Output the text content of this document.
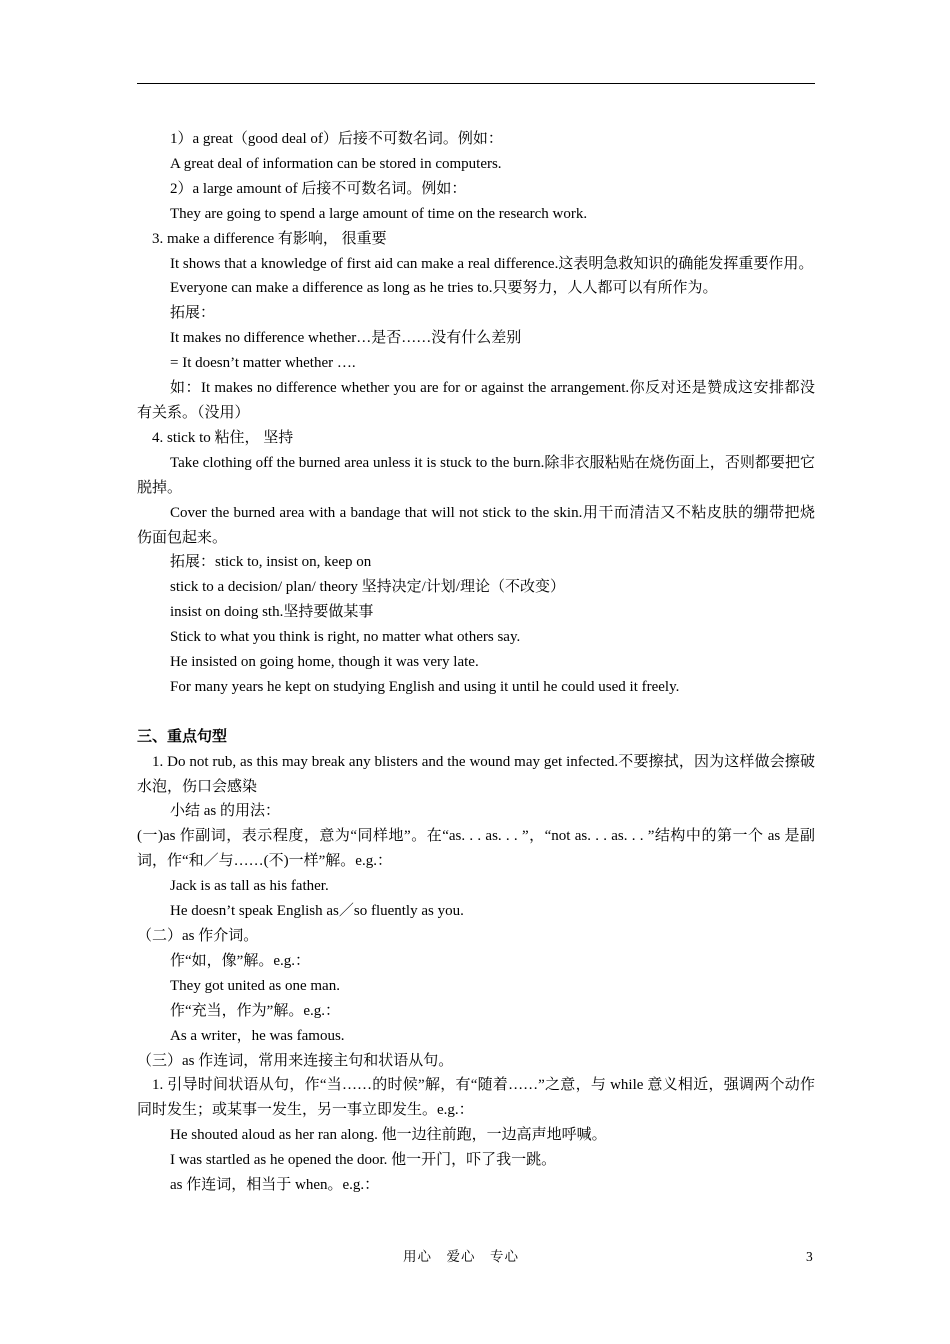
1）a great（good deal of）后接不可数名词。例如：

A great deal of information can be stored in computers.

2）a large amount of 后接不可数名词。例如：

They are going to spend a large amount of time on the research work.

3. make a difference 有影响， 很重要

It shows that a knowledge of first aid can make a real difference.这表明急救知识的确能发挥重要作用。

Everyone can make a difference as long as he tries to.只要努力，人人都可以有所作为。

拓展：

It makes no difference whether…是否……没有什么差别

= It doesn’t matter whether ….

如：It makes no difference whether you are for or against the arrangement.你反对还是赞成这安排都没有关系。（没用）

4. stick to 粘住， 坚持

Take clothing off the burned area unless it is stuck to the burn.除非衣服粘贴在烧伤面上，否则都要把它脱掉。

Cover the burned area with a bandage that will not stick to the skin.用干而清洁又不粘皮肤的绷带把烧伤面包起来。

拓展：stick to, insist on, keep on

stick to a decision/ plan/ theory 坚持决定/计划/理论（不改变）

insist on doing sth.坚持要做某事

Stick to what you think is right, no matter what others say.

He insisted on going home, though it was very late.

For many years he kept on studying English and using it until he could used it freely.

三、重点句型

1. Do not rub, as this may break any blisters and the wound may get infected.不要擦拭，因为这样做会擦破水泡，伤口会感染

小结 as 的用法：

(一)as 作副词，表示程度，意为“同样地”。在“as. . . as. . . ”，“not as. . . as. . . ”结构中的第一个 as 是副词，作“和／与……(不)一样”解。e.g.：

Jack is as tall as his father.

He doesn’t speak English as／so fluently as you.

（二）as 作介词。

作“如，像”解。e.g.：

They got united as one man.

作“充当，作为”解。e.g.：

As a writer，he was famous.

（三）as 作连词，常用来连接主句和状语从句。

1. 引导时间状语从句，作“当……的时候”解，有“随着……”之意，与 while 意义相近，强调两个动作同时发生；或某事一发生，另一事立即发生。e.g.：

He shouted aloud as her ran along. 他一边往前跑，一边高声地呼喊。

I was startled as he opened the door. 他一开门，吓了我一跳。

as 作连词，相当于 when。e.g.：

用心　爱心　专心	3
